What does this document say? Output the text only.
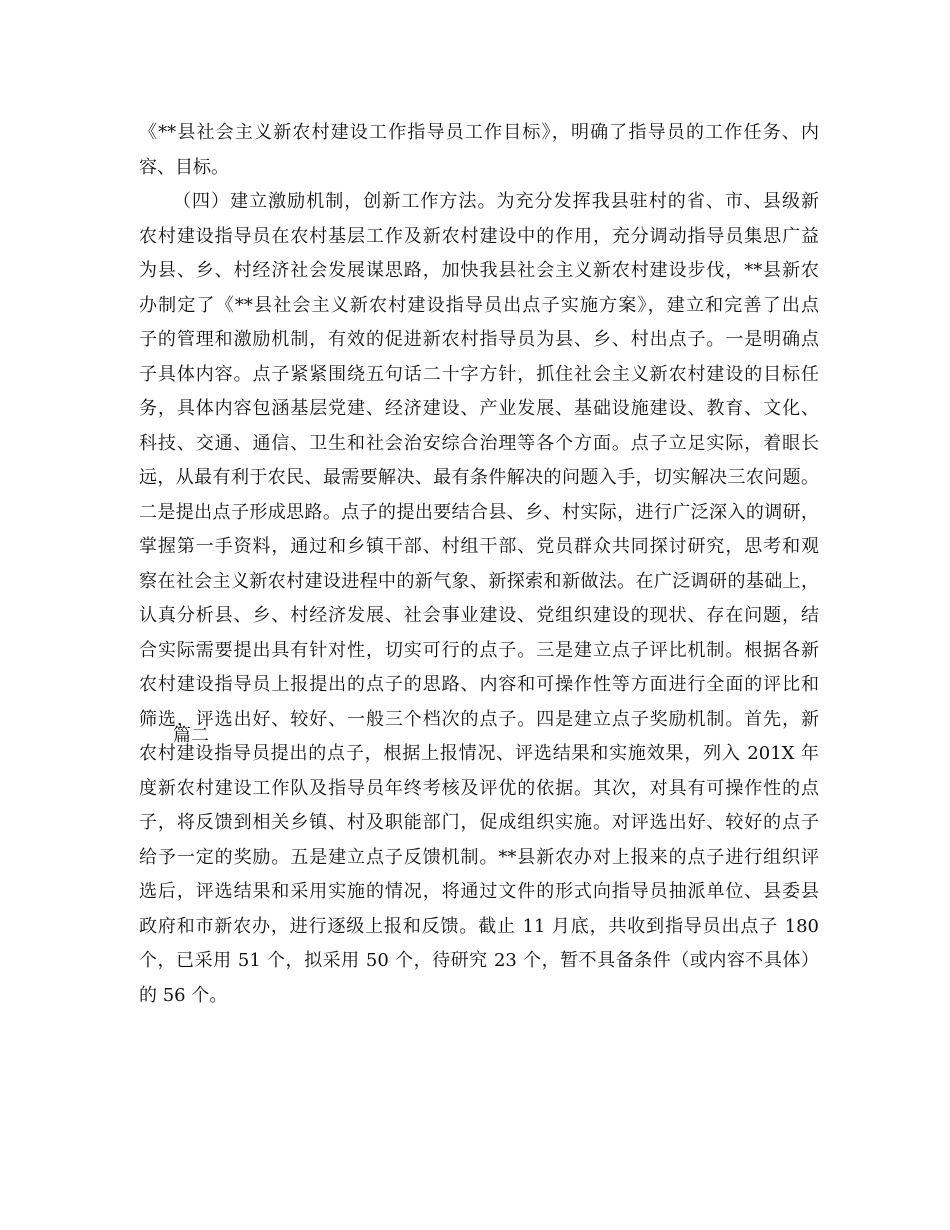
《**县社会主义新农村建设工作指导员工作目标》，明确了指导员的工作任务、内
容、目标。
（四）建立激励机制，创新工作方法。为充分发挥我县驻村的省、市、县级新
农村建设指导员在农村基层工作及新农村建设中的作用，充分调动指导员集思广益
为县、乡、村经济社会发展谋思路，加快我县社会主义新农村建设步伐，**县新农
办制定了《**县社会主义新农村建设指导员出点子实施方案》，建立和完善了出点
子的管理和激励机制，有效的促进新农村指导员为县、乡、村出点子。一是明确点
子具体内容。点子紧紧围绕五句话二十字方针，抓住社会主义新农村建设的目标任
务，具体内容包涵基层党建、经济建设、产业发展、基础设施建设、教育、文化、
科技、交通、通信、卫生和社会治安综合治理等各个方面。点子立足实际，着眼长
远，从最有利于农民、最需要解决、最有条件解决的问题入手，切实解决三农问题。
二是提出点子形成思路。点子的提出要结合县、乡、村实际，进行广泛深入的调研，
掌握第一手资料，通过和乡镇干部、村组干部、党员群众共同探讨研究，思考和观
察在社会主义新农村建设进程中的新气象、新探索和新做法。在广泛调研的基础上，
认真分析县、乡、村经济发展、社会事业建设、党组织建设的现状、存在问题，结
合实际需要提出具有针对性，切实可行的点子。三是建立点子评比机制。根据各新
农村建设指导员上报提出的点子的思路、内容和可操作性等方面进行全面的评比和
筛选，评选出好、较好、一般三个档次的点子。四是建立点子奖励机制。首先，新
农村建设指导员提出的点子，根据上报情况、评选结果和实施效果，列入 201X 年
度新农村建设工作队及指导员年终考核及评优的依据。其次，对具有可操作性的点
子，将反馈到相关乡镇、村及职能部门，促成组织实施。对评选出好、较好的点子
给予一定的奖励。五是建立点子反馈机制。**县新农办对上报来的点子进行组织评
选后，评选结果和采用实施的情况，将通过文件的形式向指导员抽派单位、县委县
政府和市新农办，进行逐级上报和反馈。截止 11 月底，共收到指导员出点子 180
个，已采用 51 个，拟采用 50 个，待研究 23 个，暂不具备条件（或内容不具体）
的 56 个。
篇二
